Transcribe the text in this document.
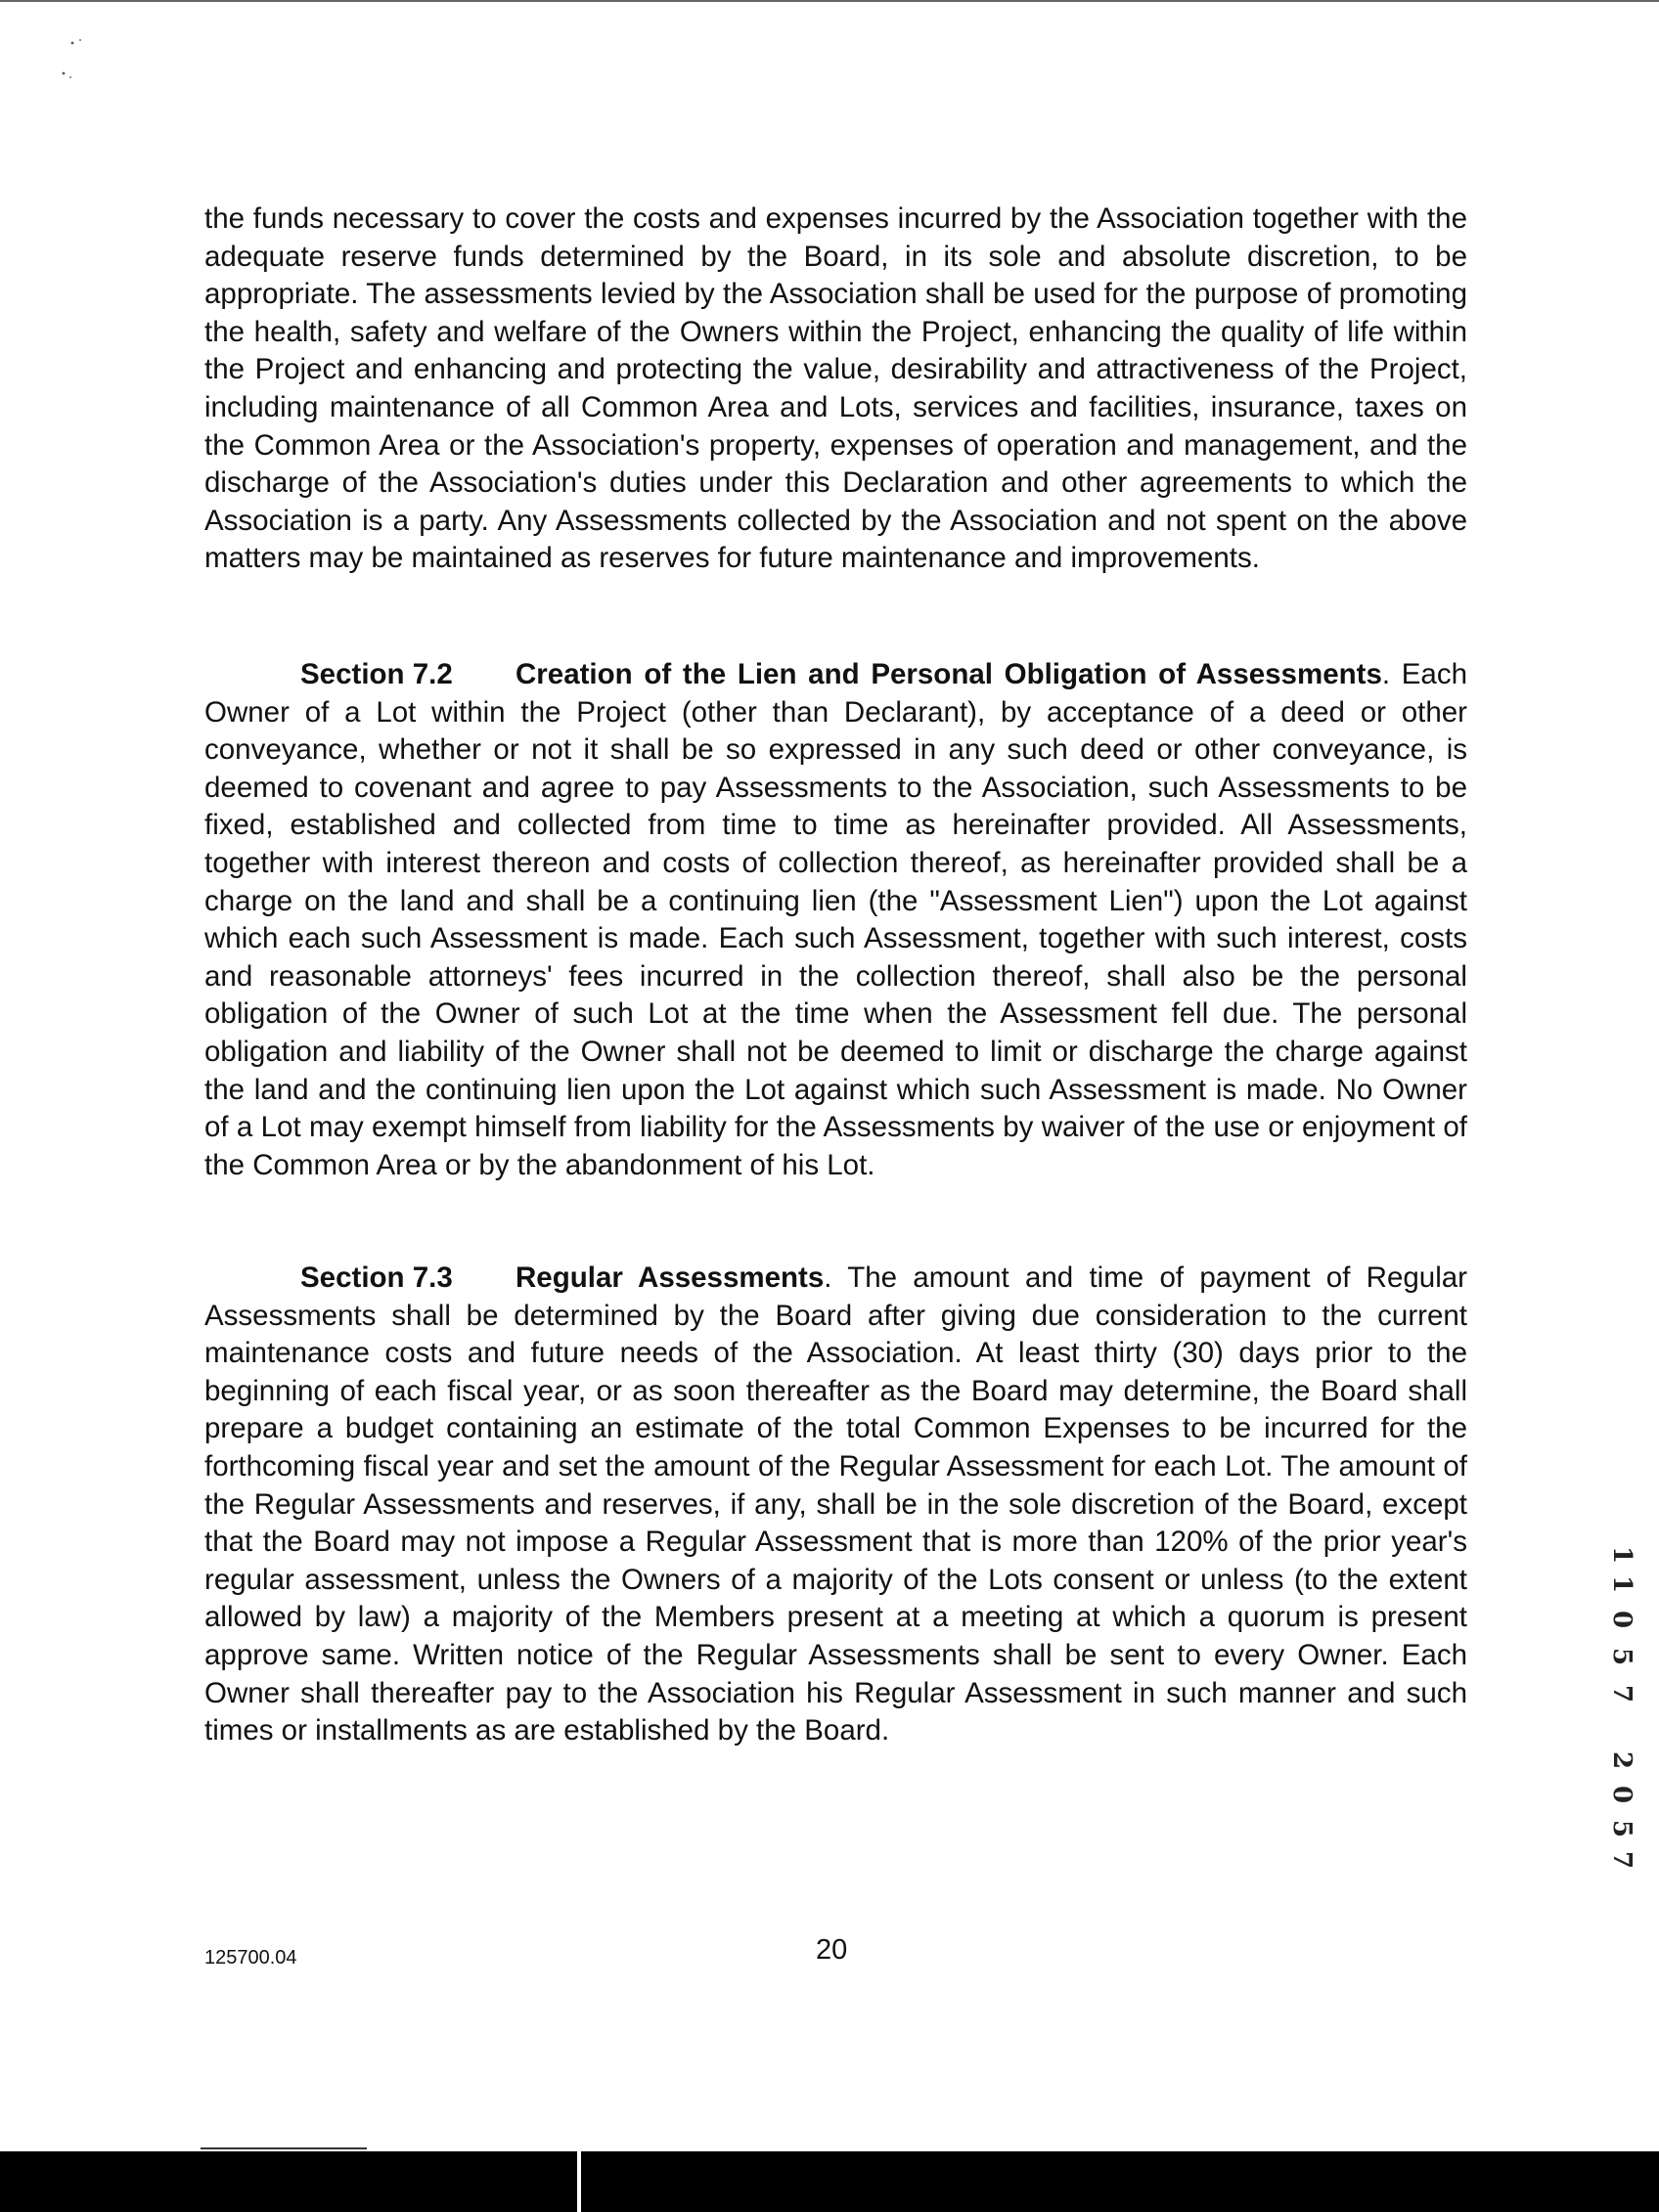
the funds necessary to cover the costs and expenses incurred by the Association together with the adequate reserve funds determined by the Board, in its sole and absolute discretion, to be appropriate. The assessments levied by the Association shall be used for the purpose of promoting the health, safety and welfare of the Owners within the Project, enhancing the quality of life within the Project and enhancing and protecting the value, desirability and attractiveness of the Project, including maintenance of all Common Area and Lots, services and facilities, insurance, taxes on the Common Area or the Association's property, expenses of operation and management, and the discharge of the Association's duties under this Declaration and other agreements to which the Association is a party. Any Assessments collected by the Association and not spent on the above matters may be maintained as reserves for future maintenance and improvements.

Section 7.2 Creation of the Lien and Personal Obligation of Assessments. Each Owner of a Lot within the Project (other than Declarant), by acceptance of a deed or other conveyance, whether or not it shall be so expressed in any such deed or other conveyance, is deemed to covenant and agree to pay Assessments to the Association, such Assessments to be fixed, established and collected from time to time as hereinafter provided. All Assessments, together with interest thereon and costs of collection thereof, as hereinafter provided shall be a charge on the land and shall be a continuing lien (the "Assessment Lien") upon the Lot against which each such Assessment is made. Each such Assessment, together with such interest, costs and reasonable attorneys' fees incurred in the collection thereof, shall also be the personal obligation of the Owner of such Lot at the time when the Assessment fell due. The personal obligation and liability of the Owner shall not be deemed to limit or discharge the charge against the land and the continuing lien upon the Lot against which such Assessment is made. No Owner of a Lot may exempt himself from liability for the Assessments by waiver of the use or enjoyment of the Common Area or by the abandonment of his Lot.

Section 7.3 Regular Assessments. The amount and time of payment of Regular Assessments shall be determined by the Board after giving due consideration to the current maintenance costs and future needs of the Association. At least thirty (30) days prior to the beginning of each fiscal year, or as soon thereafter as the Board may determine, the Board shall prepare a budget containing an estimate of the total Common Expenses to be incurred for the forthcoming fiscal year and set the amount of the Regular Assessment for each Lot. The amount of the Regular Assessments and reserves, if any, shall be in the sole discretion of the Board, except that the Board may not impose a Regular Assessment that is more than 120% of the prior year's regular assessment, unless the Owners of a majority of the Lots consent or unless (to the extent allowed by law) a majority of the Members present at a meeting at which a quorum is present approve same. Written notice of the Regular Assessments shall be sent to every Owner. Each Owner shall thereafter pay to the Association his Regular Assessment in such manner and such times or installments as are established by the Board.

125700.04	20
1
1
0
5
7
2
0
5
7
